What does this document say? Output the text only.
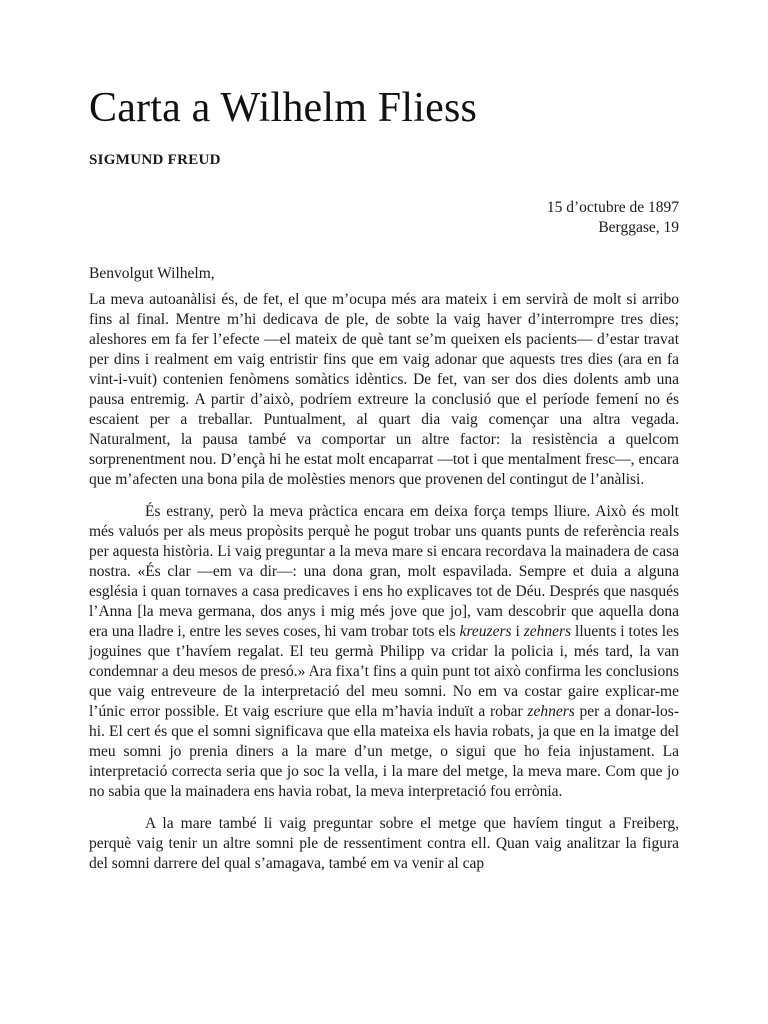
Carta a Wilhelm Fliess
SIGMUND FREUD
15 d’octubre de 1897
Berggase, 19
Benvolgut Wilhelm,

La meva autoanàlisi és, de fet, el que m’ocupa més ara mateix i em servirà de molt si arribo fins al final. Mentre m’hi dedicava de ple, de sobte la vaig haver d’interrompre tres dies; aleshores em fa fer l’efecte —el mateix de què tant se’m queixen els pacients— d’estar travat per dins i realment em vaig entristir fins que em vaig adonar que aquests tres dies (ara en fa vint-i-vuit) contenien fenòmens somàtics idèntics. De fet, van ser dos dies dolents amb una pausa entremig. A partir d’això, podríem extreure la conclusió que el període femení no és escaient per a treballar. Puntualment, al quart dia vaig començar una altra vegada. Naturalment, la pausa també va comportar un altre factor: la resistència a quelcom sorprenentment nou. D’ençà hi he estat molt encaparrat —tot i que mentalment fresc—, encara que m’afecten una bona pila de molèsties menors que provenen del contingut de l’anàlisi.

És estrany, però la meva pràctica encara em deixa força temps lliure. Això és molt més valuós per als meus propòsits perquè he pogut trobar uns quants punts de referència reals per aquesta història. Li vaig preguntar a la meva mare si encara recordava la mainadera de casa nostra. «És clar —em va dir—: una dona gran, molt espavilada. Sempre et duia a alguna església i quan tornaves a casa predicaves i ens ho explicaves tot de Déu. Després que nasqués l’Anna [la meva germana, dos anys i mig més jove que jo], vam descobrir que aquella dona era una lladre i, entre les seves coses, hi vam trobar tots els kreuzers i zehners lluents i totes les joguines que t’havíem regalat. El teu germà Philipp va cridar la policia i, més tard, la van condemnar a deu mesos de presó.» Ara fixa’t fins a quin punt tot això confirma les conclusions que vaig entreveure de la interpretació del meu somni. No em va costar gaire explicar-me l’únic error possible. Et vaig escriure que ella m’havia induït a robar zehners per a donar-los-hi. El cert és que el somni significava que ella mateixa els havia robats, ja que en la imatge del meu somni jo prenia diners a la mare d’un metge, o sigui que ho feia injustament. La interpretació correcta seria que jo soc la vella, i la mare del metge, la meva mare. Com que jo no sabia que la mainadera ens havia robat, la meva interpretació fou errònia.

A la mare també li vaig preguntar sobre el metge que havíem tingut a Freiberg, perquè vaig tenir un altre somni ple de ressentiment contra ell. Quan vaig analitzar la figura del somni darrere del qual s’amagava, també em va venir al cap
